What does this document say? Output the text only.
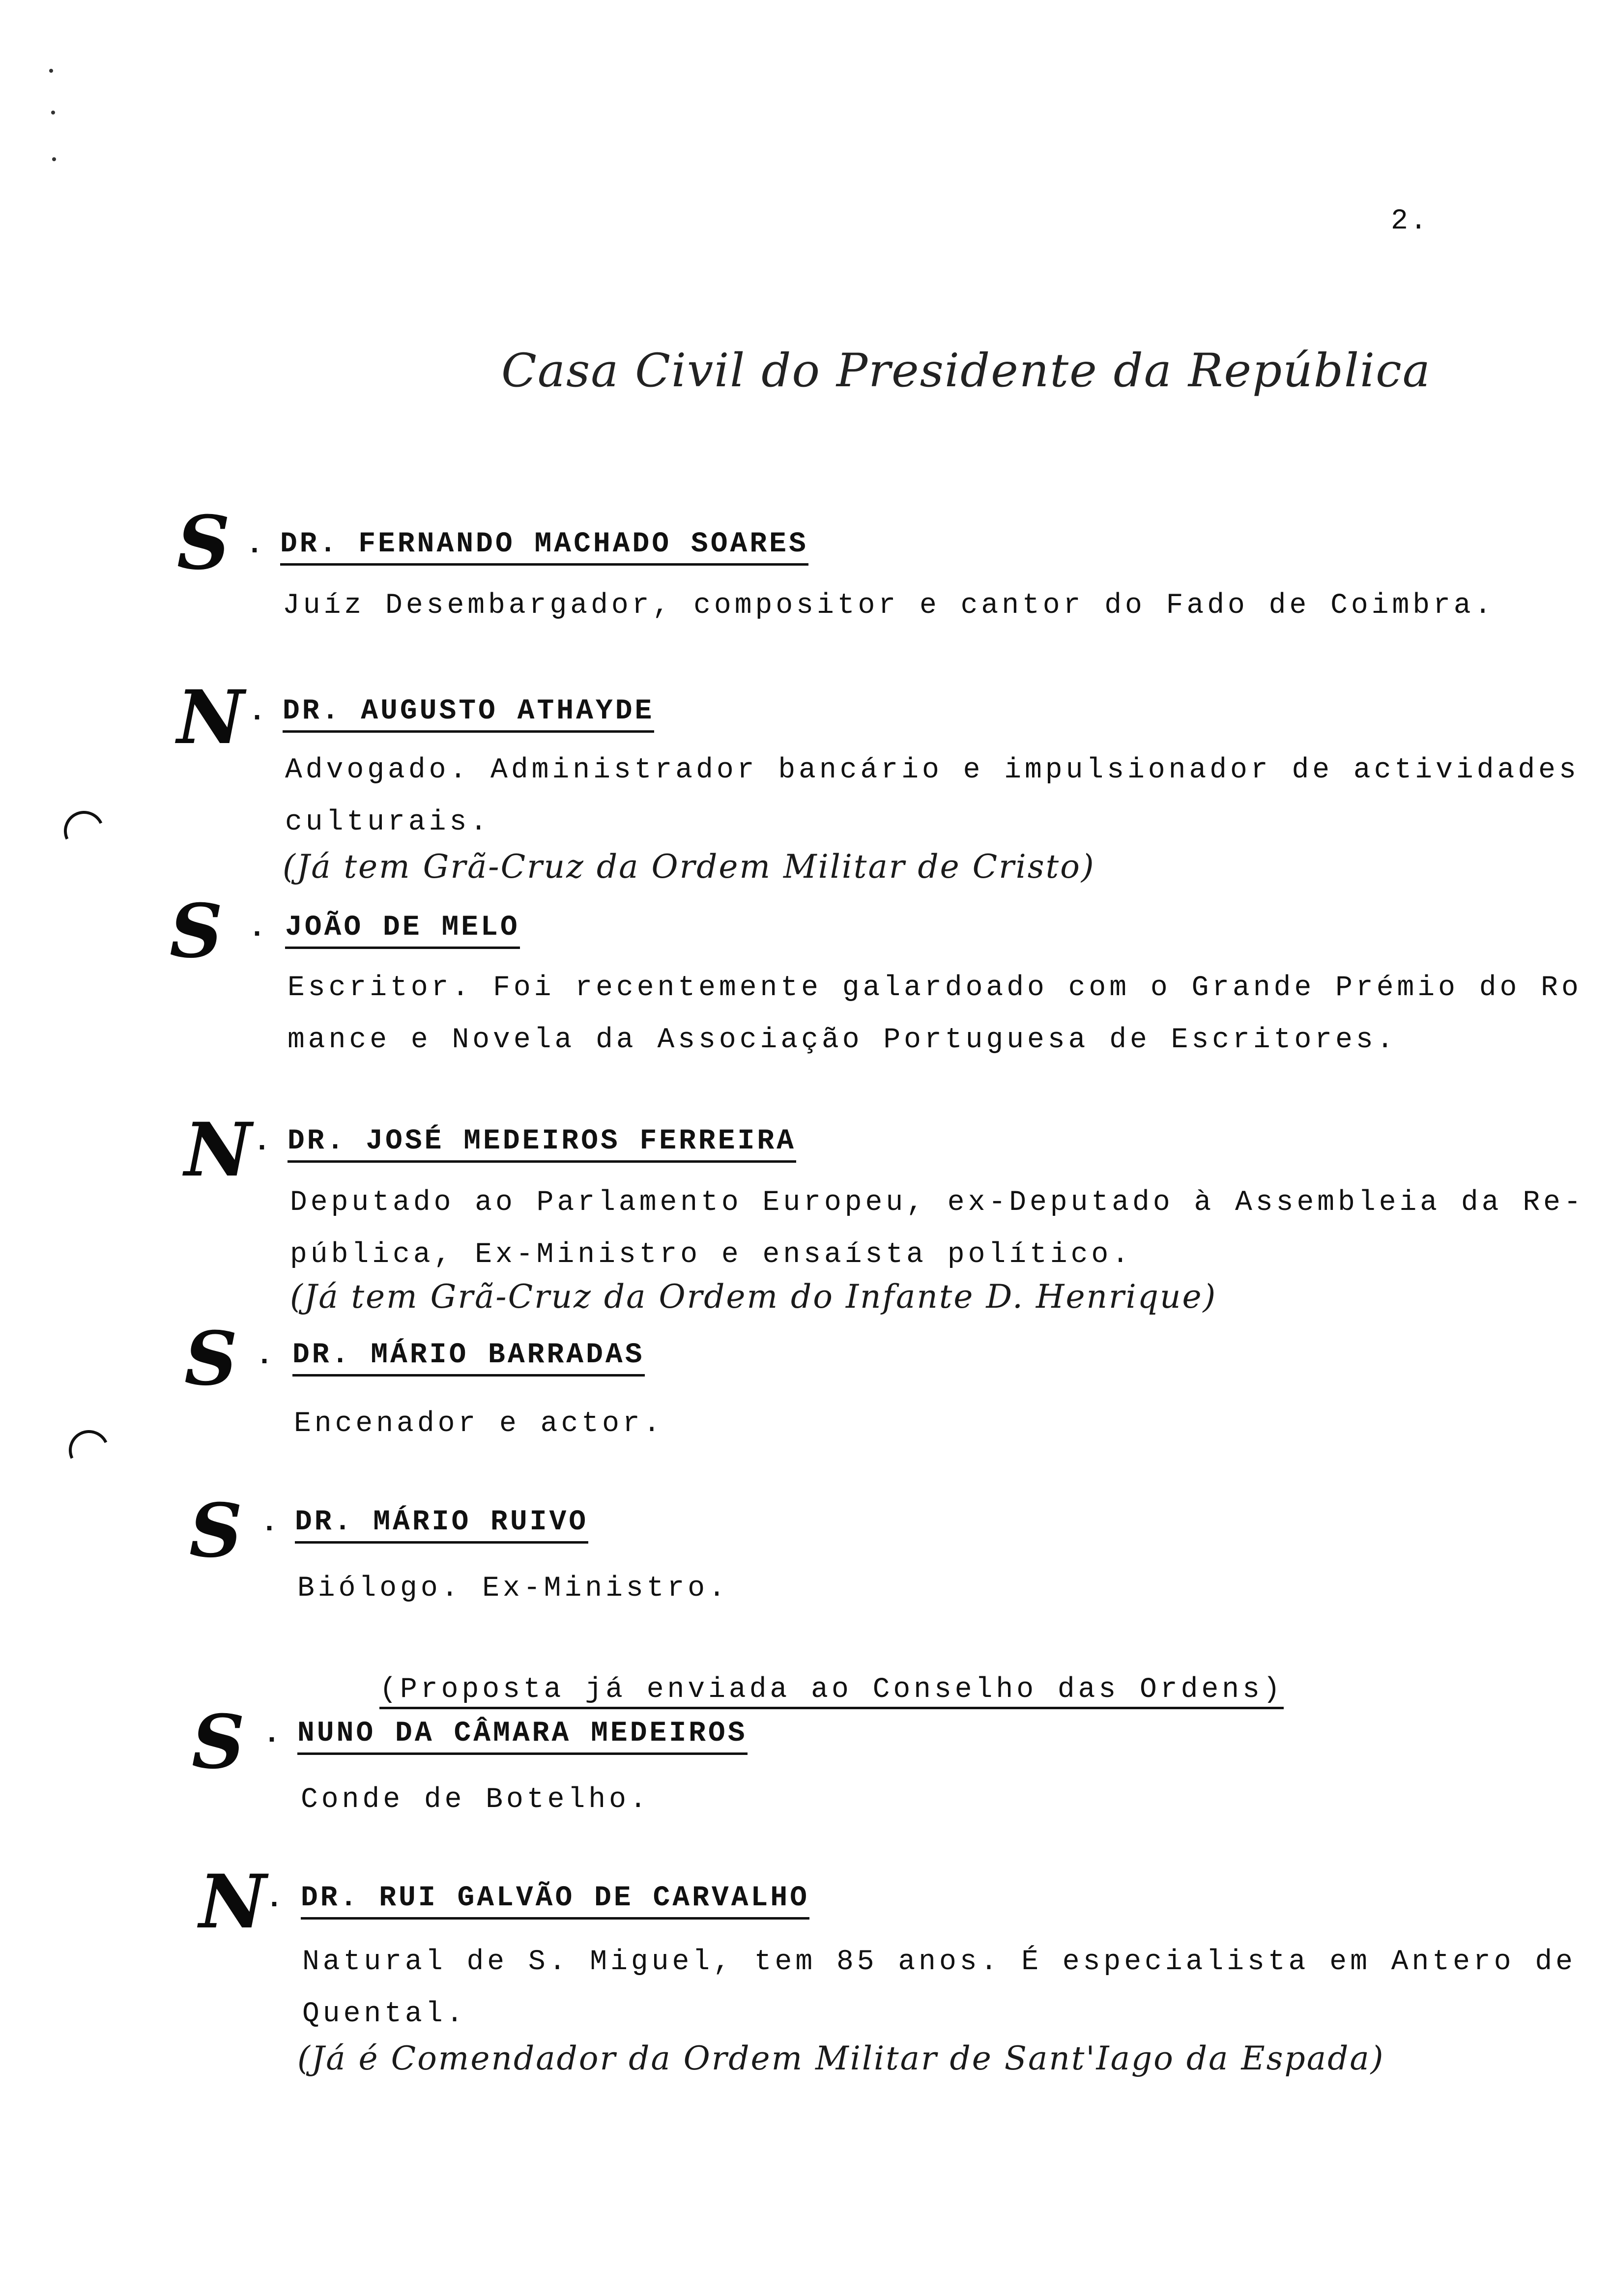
2.
Casa Civil do Presidente da República
S . DR. FERNANDO MACHADO SOARES
Juíz Desembargador, compositor e cantor do Fado de Coimbra.
N . DR. AUGUSTO ATHAYDE
Advogado. Administrador bancário e impulsionador de actividades
culturais.
(Já tem Grã-Cruz da Ordem Militar de Cristo)
S . JOÃO DE MELO
Escritor. Foi recentemente galardoado com o Grande Prémio do Ro
mance e Novela da Associação Portuguesa de Escritores.
N . DR. JOSÉ MEDEIROS FERREIRA
Deputado ao Parlamento Europeu, ex-Deputado à Assembleia da Re-
pública, Ex-Ministro e ensaísta político.
(Já tem Grã-Cruz da Ordem do Infante D. Henrique)
S . DR. MÁRIO BARRADAS
Encenador e actor.
S . DR. MÁRIO RUIVO
Biólogo. Ex-Ministro.

(Proposta já enviada ao Conselho das Ordens)

S . NUNO DA CÂMARA MEDEIROS
Conde de Botelho.
N
. DR. RUI GALVÃO DE CARVALHO
Natural de S. Miguel, tem 85 anos. É especialista em Antero de
Quental.
(Já é Comendador da Ordem Militar de Sant'Iago da Espada)
